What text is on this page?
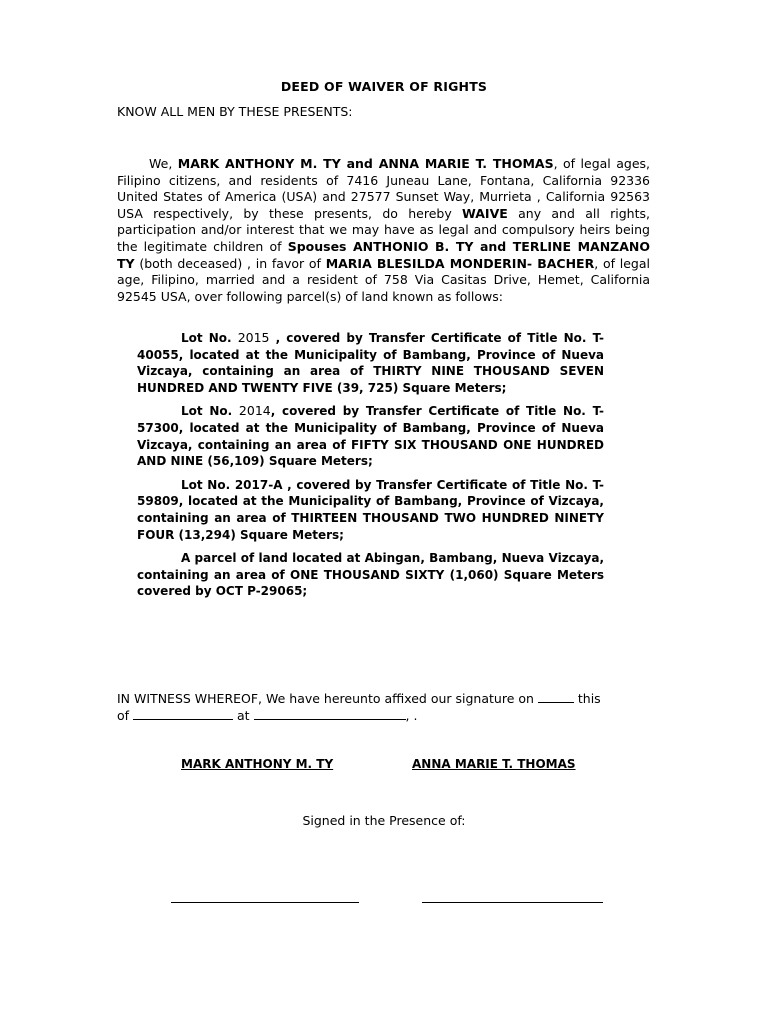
DEED OF WAIVER OF RIGHTS
KNOW ALL MEN BY THESE PRESENTS:

We, MARK ANTHONY M. TY and ANNA MARIE T. THOMAS, of legal ages, Filipino citizens, and residents of 7416 Juneau Lane, Fontana, California 92336 United States of America (USA) and 27577 Sunset Way, Murrieta , California 92563 USA respectively, by these presents, do hereby WAIVE any and all rights, participation and/or interest that we may have as legal and compulsory heirs being the legitimate children of Spouses ANTHONIO B. TY and TERLINE MANZANO TY (both deceased) , in favor of MARIA BLESILDA MONDERIN- BACHER, of legal age, Filipino, married and a resident of 758 Via Casitas Drive, Hemet, California 92545 USA, over following parcel(s) of land known as follows:

Lot No. 2015 , covered by Transfer Certificate of Title No. T-40055, located at the Municipality of Bambang, Province of Nueva Vizcaya, containing an area of THIRTY NINE THOUSAND SEVEN HUNDRED AND TWENTY FIVE (39, 725) Square Meters;

Lot No. 2014, covered by Transfer Certificate of Title No. T-57300, located at the Municipality of Bambang, Province of Nueva Vizcaya, containing an area of FIFTY SIX THOUSAND ONE HUNDRED AND NINE (56,109) Square Meters;

Lot No. 2017-A , covered by Transfer Certificate of Title No. T-59809, located at the Municipality of Bambang, Province of Vizcaya, containing an area of THIRTEEN THOUSAND TWO HUNDRED NINETY FOUR (13,294) Square Meters;

A parcel of land located at Abingan, Bambang, Nueva Vizcaya, containing an area of ONE THOUSAND SIXTY (1,060) Square Meters covered by OCT P-29065;

IN WITNESS WHEREOF, We have hereunto affixed our signature on	this
of	at	, .
MARK ANTHONY M. TY	ANNA MARIE T. THOMAS
Signed in the Presence of:
